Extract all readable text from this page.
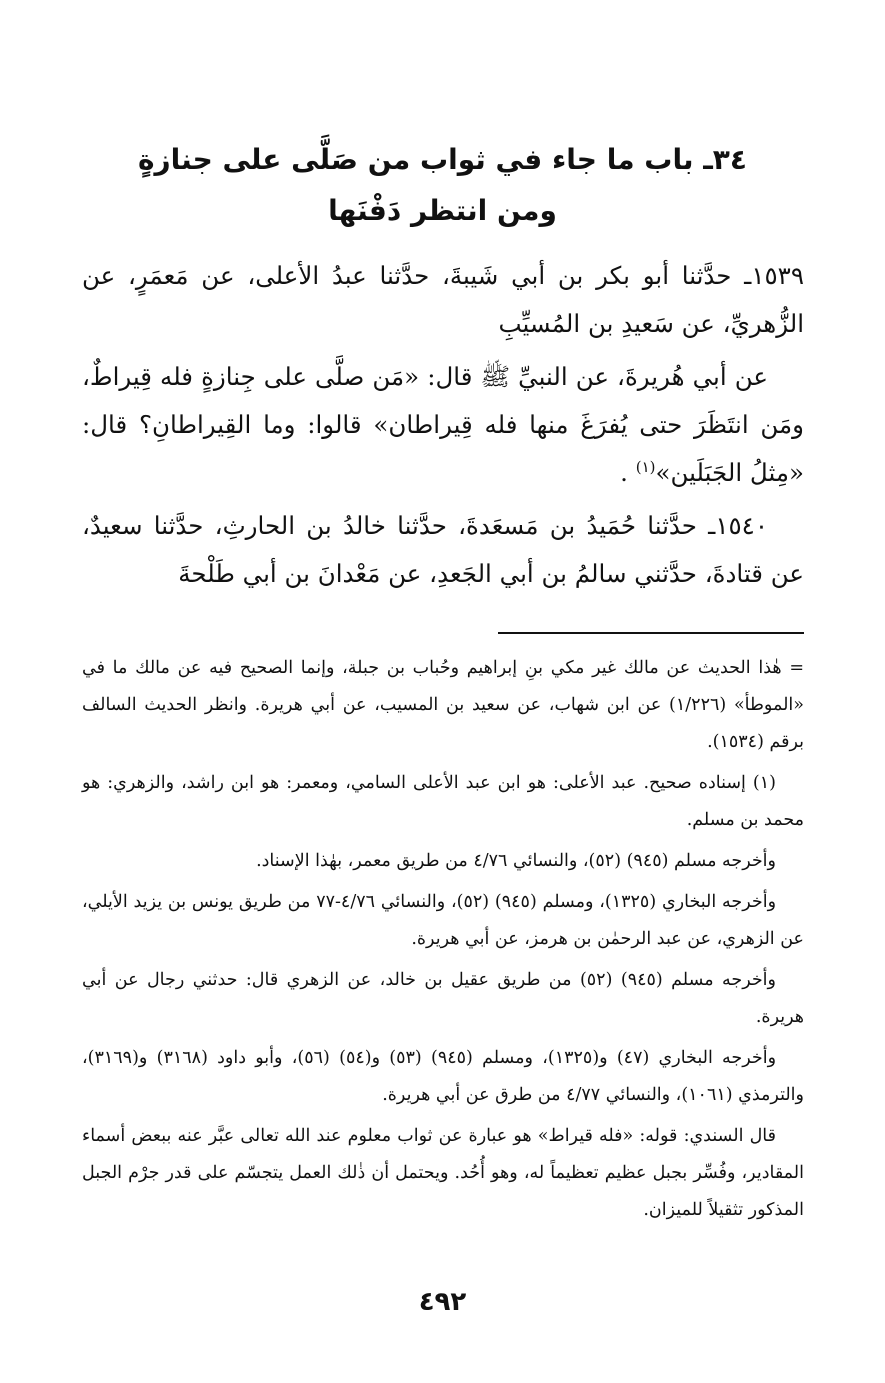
٣٤ـ باب ما جاء في ثواب من صَلَّى على جنازةٍ
ومن انتظر دَفْنَها

١٥٣٩ـ حدَّثنا أبو بكر بن أبي شَيبةَ، حدَّثنا عبدُ الأعلى، عن مَعمَرٍ، عن الزُّهريِّ، عن سَعيدِ بن المُسيِّبِ

عن أبي هُريرةَ، عن النبيِّ ﷺ قال: «مَن صلَّى على جِنازةٍ فله قِيراطٌ، ومَن انتَظَرَ حتى يُفرَغَ منها فله قِيراطان» قالوا: وما القِيراطانِ؟ قال: «مِثلُ الجَبَلَين»$^{(١)}$ .

١٥٤٠ـ حدَّثنا حُمَيدُ بن مَسعَدةَ، حدَّثنا خالدُ بن الحارثِ، حدَّثنا سعيدٌ، عن قتادةَ، حدَّثني سالمُ بن أبي الجَعدِ، عن مَعْدانَ بن أبي طَلْحةَ

= هٰذا الحديث عن مالك غير مكي بنِ إبراهيم وحُباب بن جبلة، وإنما الصحيح فيه عن مالك ما في «الموطأ» (١/٢٢٦) عن ابن شهاب، عن سعيد بن المسيب، عن أبي هريرة. وانظر الحديث السالف برقم (١٥٣٤).

(١) إسناده صحيح. عبد الأعلى: هو ابن عبد الأعلى السامي، ومعمر: هو ابن راشد، والزهري: هو محمد بن مسلم.

وأخرجه مسلم (٩٤٥) (٥٢)، والنسائي ٤/٧٦ من طريق معمر، بهٰذا الإسناد.

وأخرجه البخاري (١٣٢٥)، ومسلم (٩٤٥) (٥٢)، والنسائي ٤/٧٦-٧٧ من طريق يونس بن يزيد الأيلي، عن الزهري، عن عبد الرحمٰن بن هرمز، عن أبي هريرة.

وأخرجه مسلم (٩٤٥) (٥٢) من طريق عقيل بن خالد، عن الزهري قال: حدثني رجال عن أبي هريرة.

وأخرجه البخاري (٤٧) و(١٣٢٥)، ومسلم (٩٤٥) (٥٣) و(٥٤) (٥٦)، وأبو داود (٣١٦٨) و(٣١٦٩)، والترمذي (١٠٦١)، والنسائي ٤/٧٧ من طرق عن أبي هريرة.

قال السندي: قوله: «فله قيراط» هو عبارة عن ثواب معلوم عند الله تعالى عبَّر عنه ببعض أسماء المقادير، وفُسِّر بجبل عظيم تعظيماً له، وهو أُحُد. ويحتمل أن ذٰلك العمل يتجسّم على قدر جرْم الجبل المذكور تثقيلاً للميزان.

٤٩٢
